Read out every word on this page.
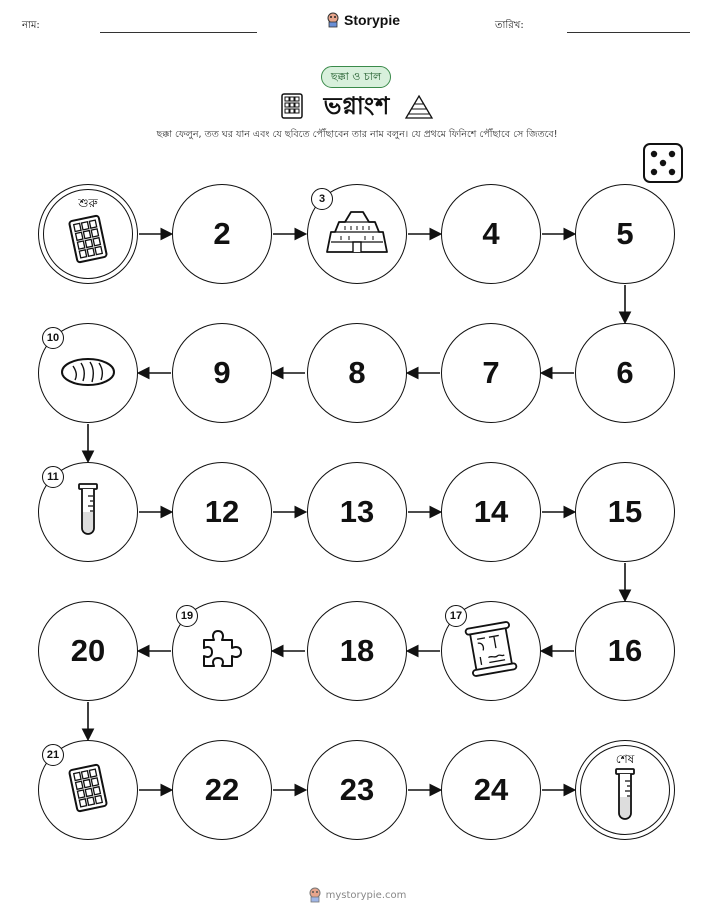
নাম:	Storypie	তারিখ:
ছক্কা ও চাল
ভগ্নাংশ
ছক্কা ফেলুন, তত ঘর যান এবং যে ছবিতে পৌঁছাবেন তার নাম বলুন। যে প্রথমে ফিনিশে পৌঁছাবে সে জিতবে!
শুরু
2
3
4	5
6
7
8
9
10
11
12	13	14	15
16
17
18
19
20
21
22	23	24
শেষ
mystorypie.com
